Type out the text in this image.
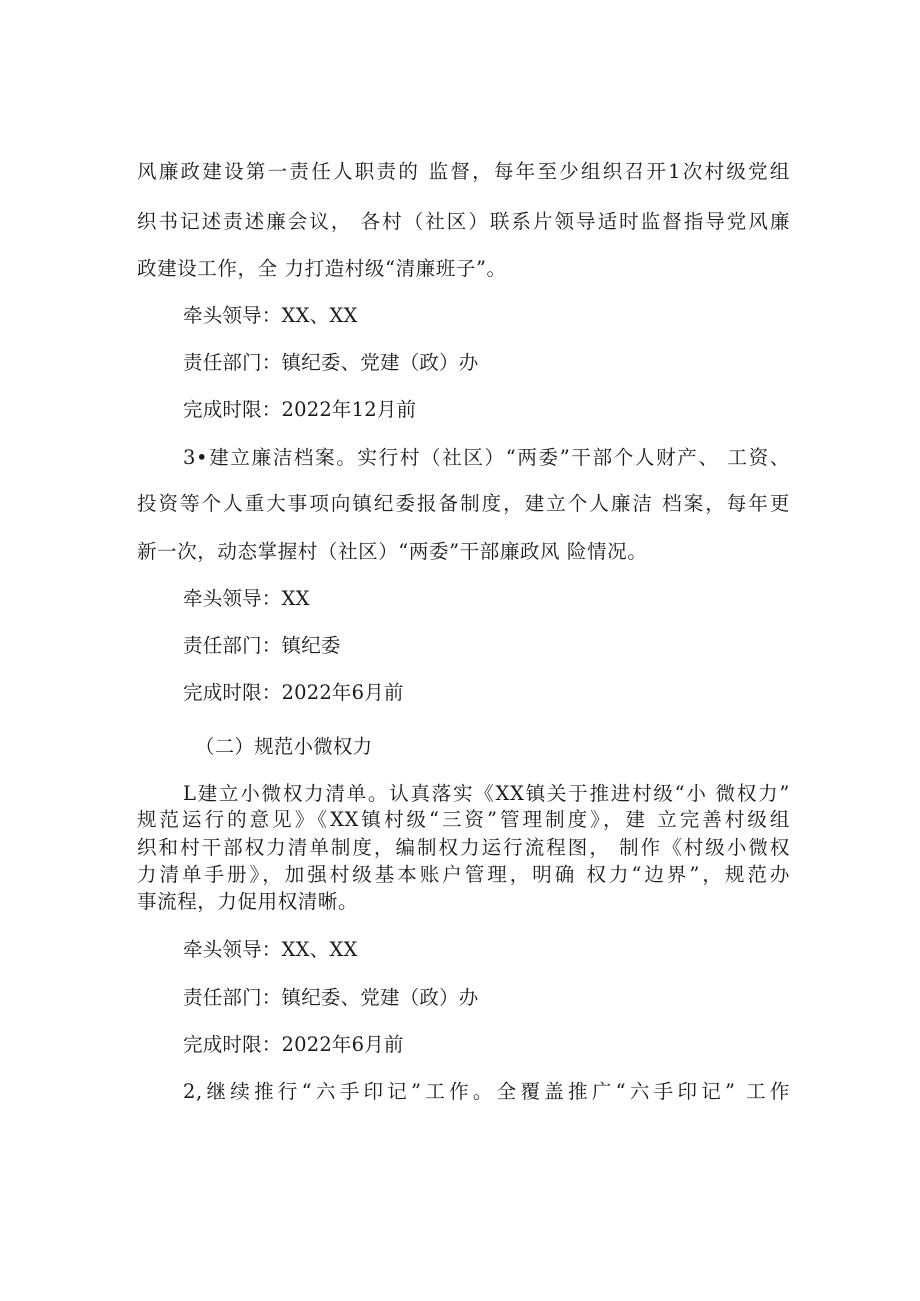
风廉政建设第一责任人职责的 监督，每年至少组织召开1次村级党组
织书记述责述廉会议， 各村（社区）联系片领导适时监督指导党风廉
政建设工作，全 力打造村级“清廉班子”。
牵头领导：XX、XX
责任部门：镇纪委、党建（政）办
完成时限：2022年12月前
3•建立廉洁档案。实行村（社区）“两委”干部个人财产、 工资、
投资等个人重大事项向镇纪委报备制度，建立个人廉洁 档案，每年更
新一次，动态掌握村（社区）“两委”干部廉政风 险情况。
牵头领导：XX
责任部门：镇纪委
完成时限：2022年6月前
（二）规范小微权力
L建立小微权力清单。认真落实《XX镇关于推进村级“小 微权力”
规范运行的意见》《XX镇村级“三资”管理制度》，建 立完善村级组
织和村干部权力清单制度，编制权力运行流程图， 制作《村级小微权
力清单手册》，加强村级基本账户管理，明确 权力“边界”，规范办
事流程，力促用权清晰。
牵头领导：XX、XX
责任部门：镇纪委、党建（政）办
完成时限：2022年6月前
2,继续推行“六手印记”工作。全覆盖推广“六手印记” 工作
